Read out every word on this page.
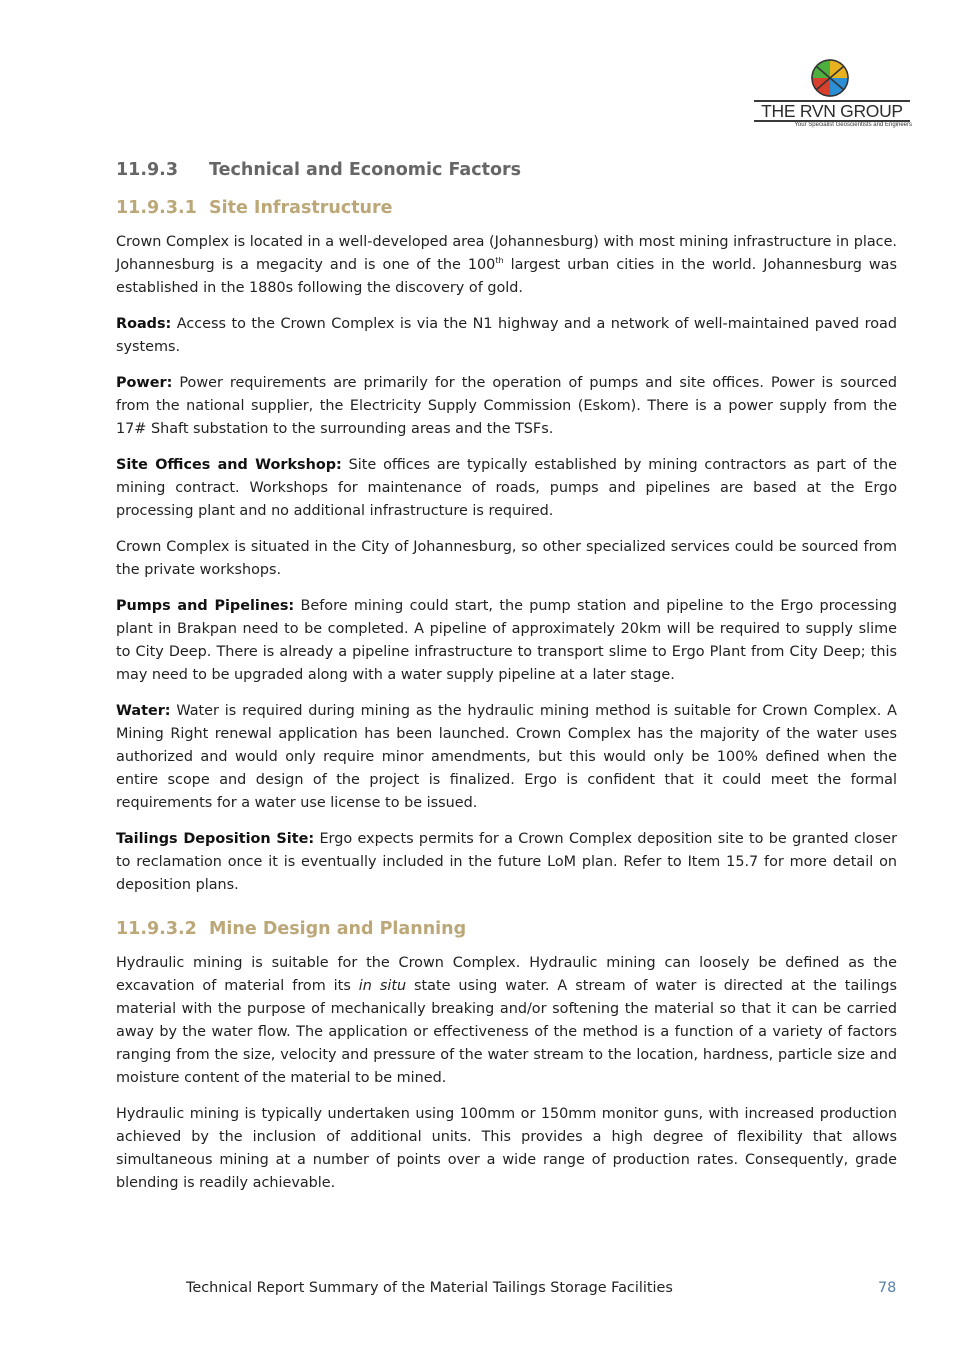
THE RVN GROUP
Your Specialist Geoscientists and Engineers
11.9.3 Technical and Economic Factors
11.9.3.1 Site Infrastructure

Crown Complex is located in a well-developed area (Johannesburg) with most mining infrastructure in place. Johannesburg is a megacity and is one of the 100th largest urban cities in the world. Johannesburg was established in the 1880s following the discovery of gold.

Roads: Access to the Crown Complex is via the N1 highway and a network of well-maintained paved road systems.

Power: Power requirements are primarily for the operation of pumps and site offices. Power is sourced from the national supplier, the Electricity Supply Commission (Eskom). There is a power supply from the 17# Shaft substation to the surrounding areas and the TSFs.

Site Offices and Workshop: Site offices are typically established by mining contractors as part of the mining contract. Workshops for maintenance of roads, pumps and pipelines are based at the Ergo processing plant and no additional infrastructure is required.

Crown Complex is situated in the City of Johannesburg, so other specialized services could be sourced from the private workshops.

Pumps and Pipelines: Before mining could start, the pump station and pipeline to the Ergo processing plant in Brakpan need to be completed. A pipeline of approximately 20km will be required to supply slime to City Deep. There is already a pipeline infrastructure to transport slime to Ergo Plant from City Deep; this may need to be upgraded along with a water supply pipeline at a later stage.

Water: Water is required during mining as the hydraulic mining method is suitable for Crown Complex. A Mining Right renewal application has been launched. Crown Complex has the majority of the water uses authorized and would only require minor amendments, but this would only be 100% defined when the entire scope and design of the project is finalized. Ergo is confident that it could meet the formal requirements for a water use license to be issued.

Tailings Deposition Site: Ergo expects permits for a Crown Complex deposition site to be granted closer to reclamation once it is eventually included in the future LoM plan. Refer to Item 15.7 for more detail on deposition plans.

11.9.3.2 Mine Design and Planning

Hydraulic mining is suitable for the Crown Complex. Hydraulic mining can loosely be defined as the excavation of material from its in situ state using water. A stream of water is directed at the tailings material with the purpose of mechanically breaking and/or softening the material so that it can be carried away by the water flow. The application or effectiveness of the method is a function of a variety of factors ranging from the size, velocity and pressure of the water stream to the location, hardness, particle size and moisture content of the material to be mined.

Hydraulic mining is typically undertaken using 100mm or 150mm monitor guns, with increased production achieved by the inclusion of additional units. This provides a high degree of flexibility that allows simultaneous mining at a number of points over a wide range of production rates. Consequently, grade blending is readily achievable.

Technical Report Summary of the Material Tailings Storage Facilities	78
